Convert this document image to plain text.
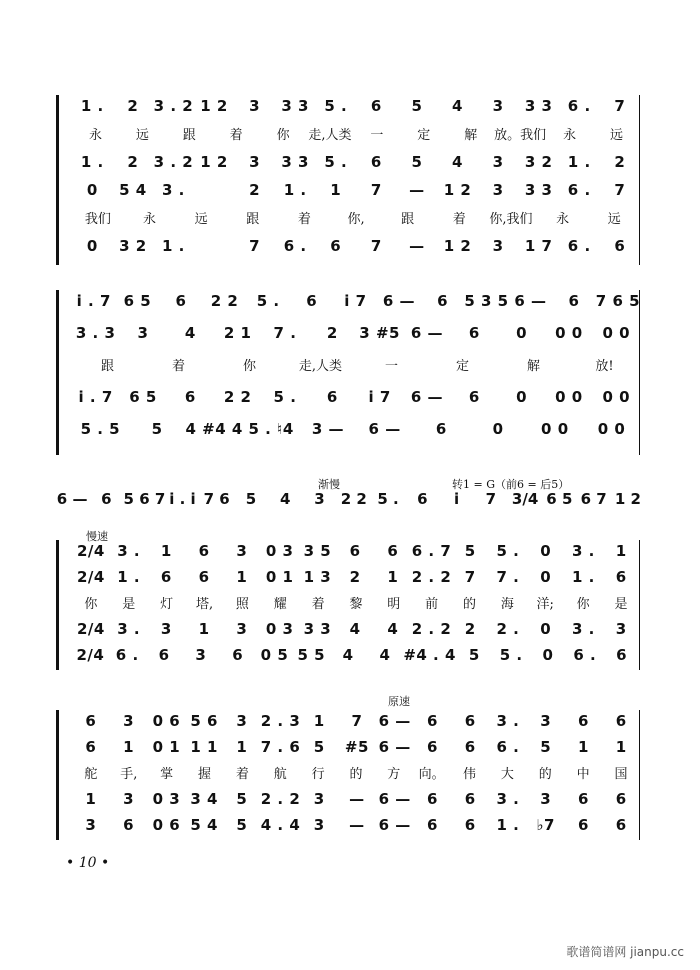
1 .	2	3 . 2 1 2	3	3 3	5 .	6	5	4	3	3 3	6 .	7
永	远	跟	着	你	走,人类	一	定	解	放。我们	永	远
1 .	2	3 . 2 1 2	3	3 3	5 .	6	5	4	3	3 2	1 .	2
0	5 4	3 .	2	1 .	1	7	—	1 2	3	3 3	6 .	7
我们	永	远	跟	着	你,	跟	着	你,我们	永	远
0	3 2	1 .	7	6 .	6	7	—	1 2	3	1 7	6 .	6
i . 7 6 5	6	2 2	5 .	6	i 7	6 —	6	5 3 5 6 —	6	7 6 5
3 . 3	3	4	2 1	7 .	2	3 #5 6 —	6	0	0 0	0 0
跟	着	你	走,人类	一	定	解	放!
i . 7	6 5	6	2 2	5 .	6	i 7	6 —	6	0	0 0	0 0
5 . 5	5	4 #4 4 5 . ♮4	3 —	6 —	6	0	0 0	0 0
渐慢	转1 = G（前6 = 后5）
6 — 6 5 6 7 i . i 7 6	5	4	3	2 2 5 .	6	i	7	3/4 6 5 6 7 1 2
慢速
2/4 3 .	1	6	3	0 3 3 5	6	6 6 . 7 5	5 .	0	3 .	1
2/4 1 .	6	6	1	0 1 1 3	2	1 2 . 2 7	7 .	0	1 .	6
你	是	灯	塔,	照	耀	着	黎	明	前	的	海	洋;	你	是
2/4 3 .	3	1	3	0 3 3 3	4	4 2 . 2 2	2 .	0	3 .	3
2/4 6 .	6	3	6	0 5 5 5	4	4 #4 . 4 5	5 .	0	6 .	6
原速
6	3	0 6 5 6	3 2 . 3 1	7	6 —	6	6	3 .	3	6	6
6	1	0 1 1 1	1 7 . 6 5	#5 6 —	6	6	6 .	5	1	1
舵	手,	掌	握	着	航	行	的	方	向。	伟	大	的	中	国
1	3	0 3 3 4	5 2 . 2 3	— 6 —	6	6	3 .	3	6	6
3	6	0 6 5 4	5 4 . 4 3	— 6 —	6	6	1 .	♭7	6	6
• 10 •
歌谱简谱网 jianpu.cc
